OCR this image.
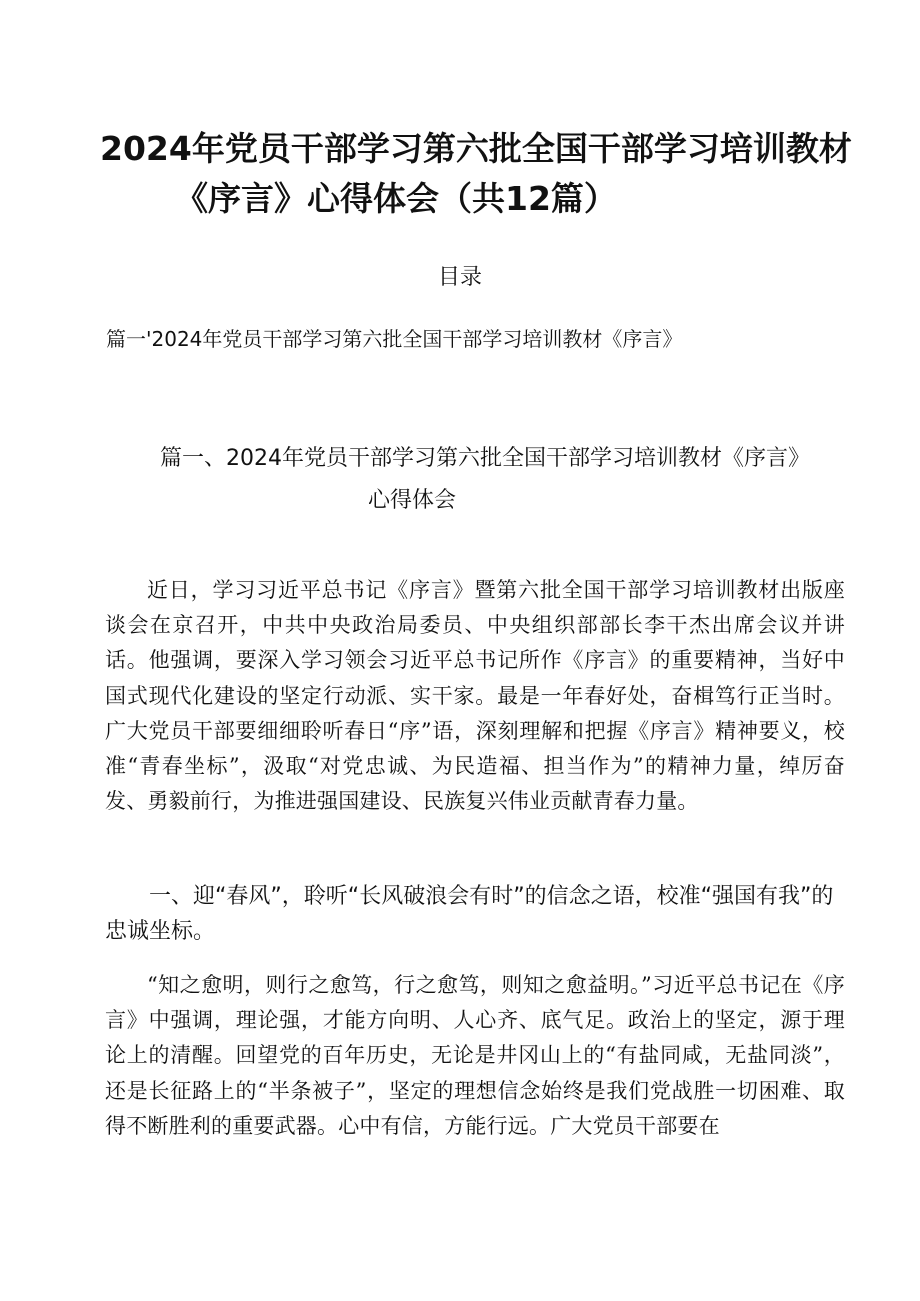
2024年党员干部学习第六批全国干部学习培训教材
《序言》心得体会（共12篇）
目录
篇一'2024年党员干部学习第六批全国干部学习培训教材《序言》
篇一、2024年党员干部学习第六批全国干部学习培训教材《序言》
心得体会

近日，学习习近平总书记《序言》暨第六批全国干部学习培训教材出版座谈会在京召开，中共中央政治局委员、中央组织部部长李干杰出席会议并讲话。他强调，要深入学习领会习近平总书记所作《序言》的重要精神，当好中国式现代化建设的坚定行动派、实干家。最是一年春好处，奋楫笃行正当时。广大党员干部要细细聆听春日“序”语，深刻理解和把握《序言》精神要义，校准“青春坐标”，汲取“对党忠诚、为民造福、担当作为”的精神力量，绰厉奋发、勇毅前行，为推进强国建设、民族复兴伟业贡献青春力量。

一、迎“春风”，聆听“长风破浪会有时”的信念之语，校准“强国有我”的忠诚坐标。

“知之愈明，则行之愈笃，行之愈笃，则知之愈益明。”习近平总书记在《序言》中强调，理论强，才能方向明、人心齐、底气足。政治上的坚定，源于理论上的清醒。回望党的百年历史，无论是井冈山上的“有盐同咸，无盐同淡”，还是长征路上的“半条被子”，坚定的理想信念始终是我们党战胜一切困难、取得不断胜利的重要武器。心中有信，方能行远。广大党员干部要在
